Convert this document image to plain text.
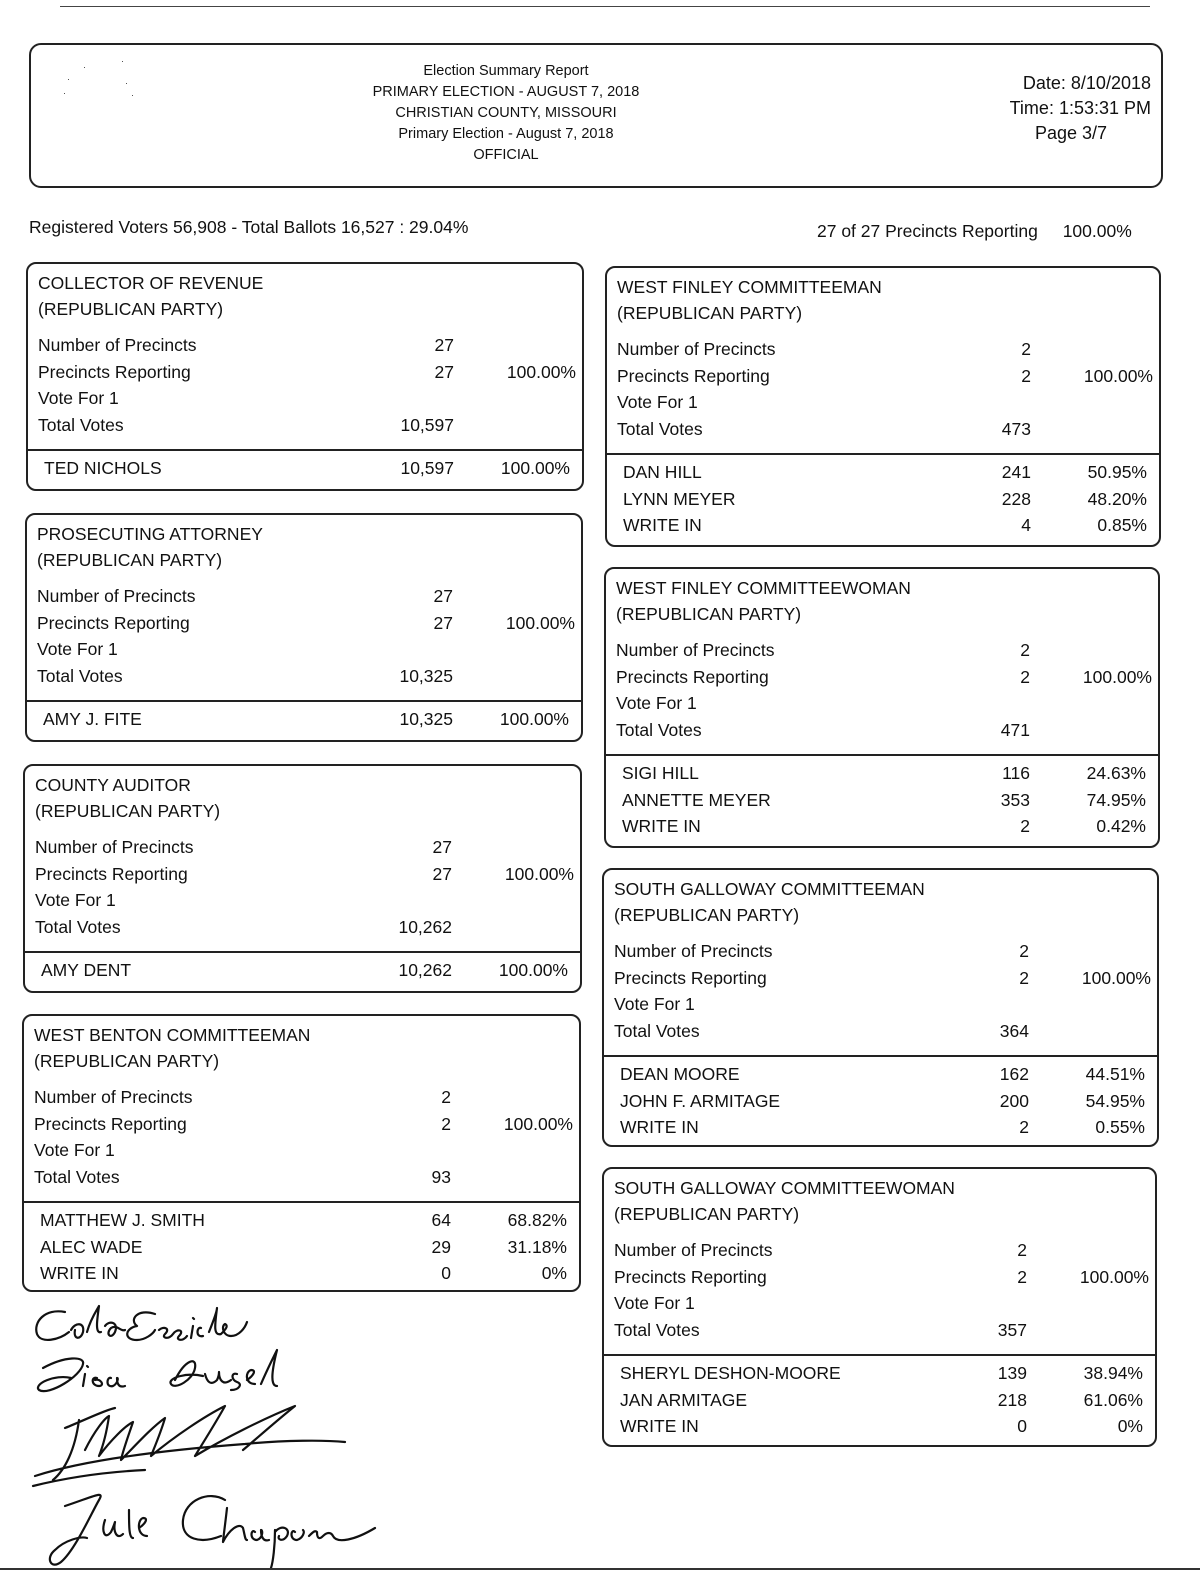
·
·
·	·
·	·
Election Summary Report
PRIMARY ELECTION - AUGUST 7, 2018
CHRISTIAN COUNTY, MISSOURI
Primary Election - August 7, 2018
OFFICIAL
Date: 8/10/2018
Time: 1:53:31 PM
Page 3/7
Registered Voters 56,908 - Total Ballots 16,527 : 29.04%	27 of 27 Precincts Reporting 100.00%
COLLECTOR OF REVENUE
(REPUBLICAN PARTY)
Number of Precincts	27
Precincts Reporting	27	100.00%
Vote For 1
Total Votes	10,597
TED NICHOLS	10,597	100.00%
PROSECUTING ATTORNEY
(REPUBLICAN PARTY)
Number of Precincts	27
Precincts Reporting	27	100.00%
Vote For 1
Total Votes	10,325
AMY J. FITE	10,325	100.00%
COUNTY AUDITOR
(REPUBLICAN PARTY)
Number of Precincts	27
Precincts Reporting	27	100.00%
Vote For 1
Total Votes	10,262
AMY DENT	10,262	100.00%
WEST BENTON COMMITTEEMAN
(REPUBLICAN PARTY)
Number of Precincts	2
Precincts Reporting	2	100.00%
Vote For 1
Total Votes	93
MATTHEW J. SMITH	64	68.82%
ALEC WADE	29	31.18%
WRITE IN	0	0%
WEST FINLEY COMMITTEEMAN
(REPUBLICAN PARTY)
Number of Precincts	2
Precincts Reporting	2	100.00%
Vote For 1
Total Votes	473
DAN HILL	241	50.95%
LYNN MEYER	228	48.20%
WRITE IN	4	0.85%
WEST FINLEY COMMITTEEWOMAN
(REPUBLICAN PARTY)
Number of Precincts	2
Precincts Reporting	2	100.00%
Vote For 1
Total Votes	471
SIGI HILL	116	24.63%
ANNETTE MEYER	353	74.95%
WRITE IN	2	0.42%
SOUTH GALLOWAY COMMITTEEMAN
(REPUBLICAN PARTY)
Number of Precincts	2
Precincts Reporting	2	100.00%
Vote For 1
Total Votes	364
DEAN MOORE	162	44.51%
JOHN F. ARMITAGE	200	54.95%
WRITE IN	2	0.55%
SOUTH GALLOWAY COMMITTEEWOMAN
(REPUBLICAN PARTY)
Number of Precincts	2
Precincts Reporting	2	100.00%
Vote For 1
Total Votes	357
SHERYL DESHON-MOORE	139	38.94%
JAN ARMITAGE	218	61.06%
WRITE IN	0	0%
